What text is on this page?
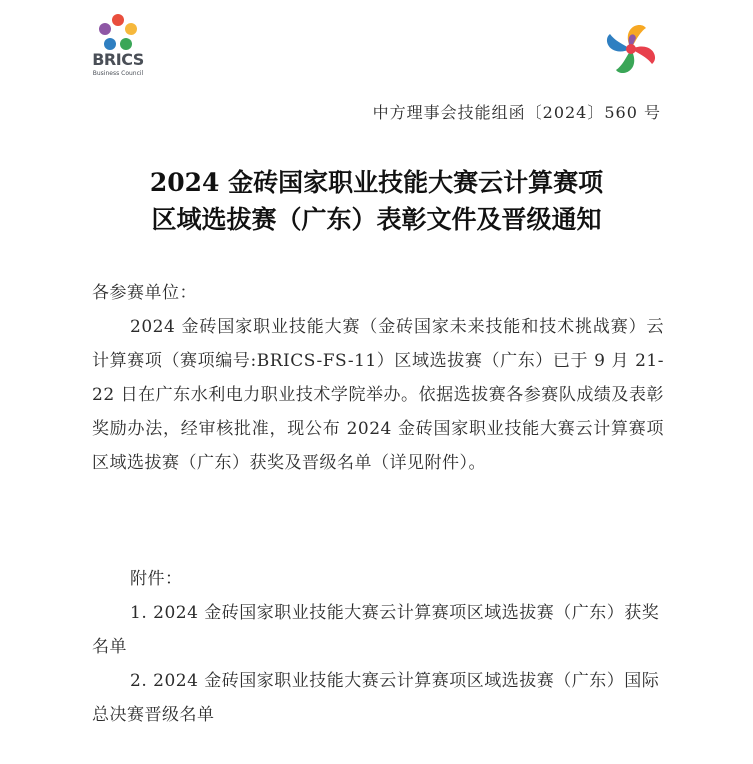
BRICS
Business Council
中方理事会技能组函〔2024〕560 号
2024 金砖国家职业技能大赛云计算赛项
区域选拔赛（广东）表彰文件及晋级通知
各参赛单位：
2024 金砖国家职业技能大赛（金砖国家未来技能和技术挑战赛）云计算赛项（赛项编号:BRICS-FS-11）区域选拔赛（广东）已于 9 月 21-22 日在广东水利电力职业技术学院举办。依据选拔赛各参赛队成绩及表彰奖励办法，经审核批准，现公布 2024 金砖国家职业技能大赛云计算赛项区域选拔赛（广东）获奖及晋级名单（详见附件）。
附件：
1. 2024 金砖国家职业技能大赛云计算赛项区域选拔赛（广东）获奖名单
2. 2024 金砖国家职业技能大赛云计算赛项区域选拔赛（广东）国际总决赛晋级名单
